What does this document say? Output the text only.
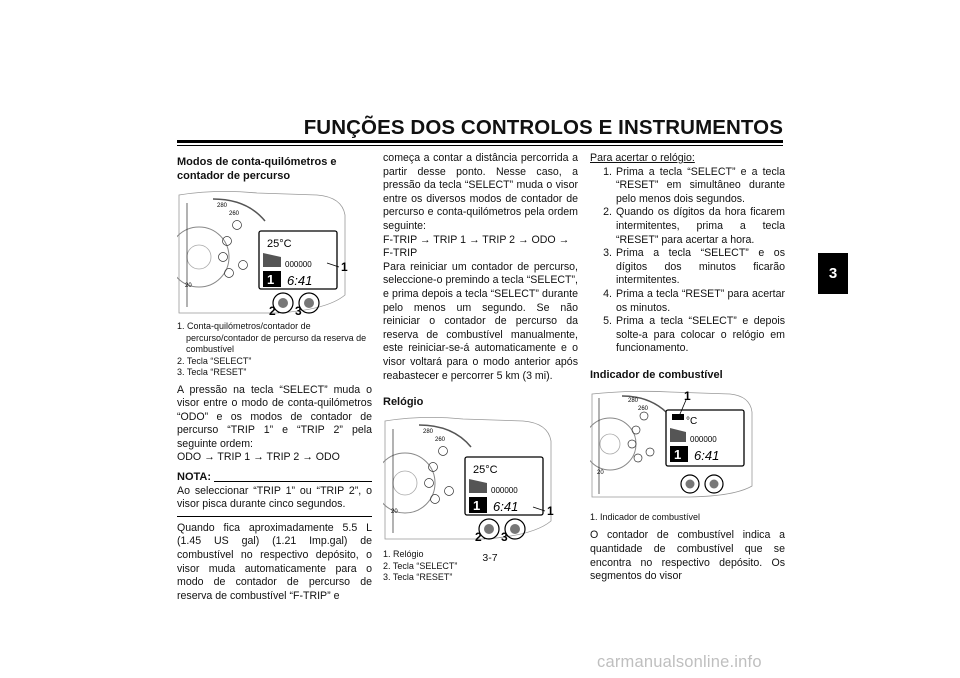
FUNÇÕES DOS CONTROLOS E INSTRUMENTOS
3
Modos de conta-quilómetros e contador de percurso
25°C
000000
1 6:41
280
260
20
1
2 3
1. Conta-quilómetros/contador de percurso/contador de percurso da reserva de combustível
2. Tecla “SELECT”
3. Tecla “RESET”

A pressão na tecla “SELECT” muda o visor entre o modo de conta-quilómetros “ODO” e os modos de contador de percurso “TRIP 1” e “TRIP 2” pela seguinte ordem:

ODO → TRIP 1 → TRIP 2 → ODO
NOTA:

Ao seleccionar “TRIP 1” ou “TRIP 2”, o visor pisca durante cinco segundos.

Quando fica aproximadamente 5.5 L (1.45 US gal) (1.21 Imp.gal) de combustível no respectivo depósito, o visor muda automaticamente para o modo de contador de percurso de reserva de combustível “F-TRIP” e

começa a contar a distância percorrida a partir desse ponto. Nesse caso, a pressão da tecla “SELECT” muda o visor entre os diversos modos de contador de percurso e conta-quilómetros pela ordem seguinte:

F-TRIP → TRIP 1 → TRIP 2 → ODO → F-TRIP

Para reiniciar um contador de percurso, seleccione-o premindo a tecla “SELECT”, e prima depois a tecla “SELECT” durante pelo menos um segundo. Se não reiniciar o contador de percurso da reserva de combustível manualmente, este reiniciar-se-á automaticamente e o visor voltará para o modo anterior após reabastecer e percorrer 5 km (3 mi).

Relógio
25°C
000000
1 6:41
280
260
20	1
2 3
1. Relógio
2. Tecla “SELECT”
3. Tecla “RESET”
Para acertar o relógio:
1. Prima a tecla “SELECT” e a tecla “RESET” em simultâneo durante pelo menos dois segundos.
2. Quando os dígitos da hora ficarem intermitentes, prima a tecla “RESET” para acertar a hora.
3. Prima a tecla “SELECT” e os dígitos dos minutos ficarão intermitentes.
4. Prima a tecla “RESET” para acertar os minutos.
5. Prima a tecla “SELECT” e depois solte-a para colocar o relógio em funcionamento.
Indicador de combustível
°C
000000
1 6:41
280
260
20
1
1. Indicador de combustível

O contador de combustível indica a quantidade de combustível que se encontra no respectivo depósito. Os segmentos do visor

3-7
carmanualsonline.info
